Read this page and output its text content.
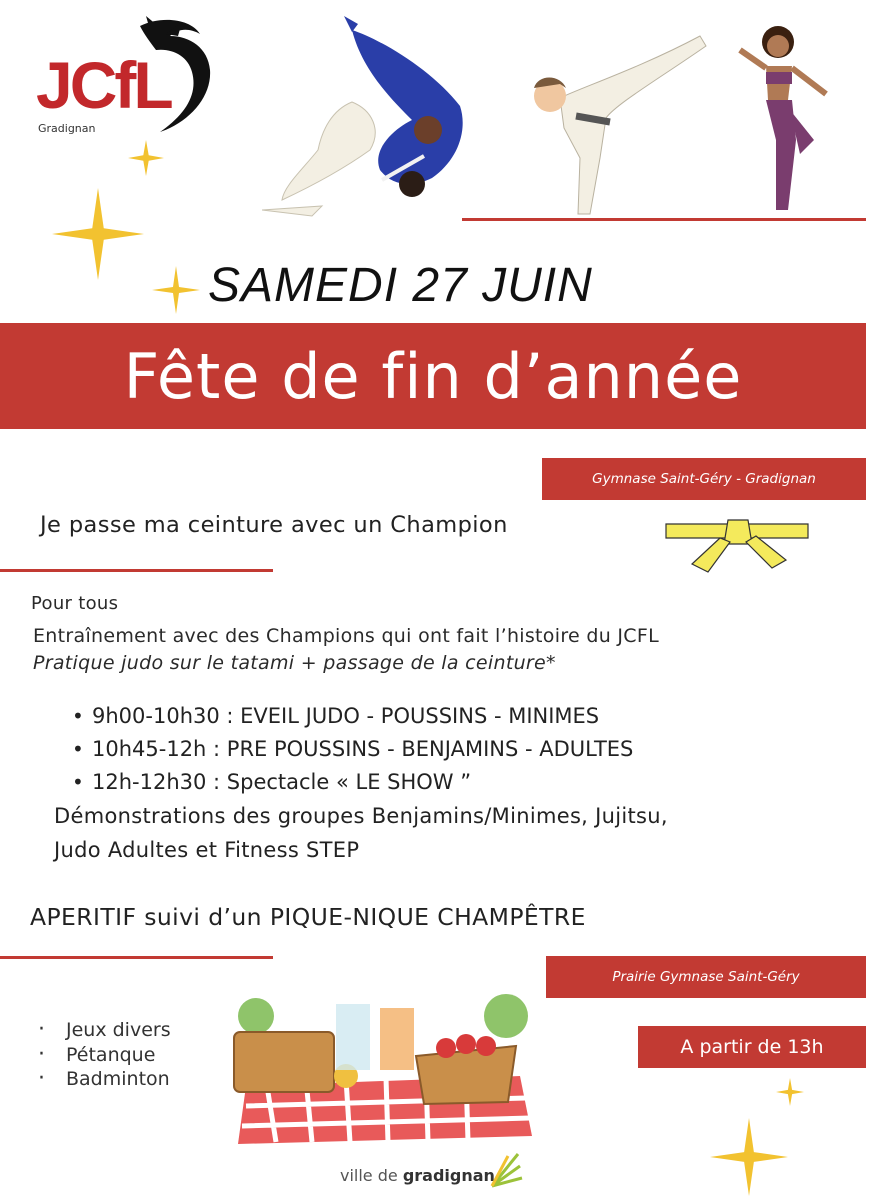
JCfL
Gradignan
SAMEDI 27 JUIN
Fête de fin d’année
Gymnase Saint-Géry - Gradignan
Je passe ma ceinture avec un Champion
Pour tous
Entraînement avec des Champions qui ont fait l’histoire du JCFL
Pratique judo sur le tatami + passage de la ceinture*
• 9h00-10h30 : EVEIL JUDO - POUSSINS - MINIMES
• 10h45-12h : PRE POUSSINS - BENJAMINS - ADULTES
• 12h-12h30 : Spectacle « LE SHOW ”
Démonstrations des groupes Benjamins/Minimes, Jujitsu,
Judo Adultes et Fitness STEP
APERITIF suivi d’un PIQUE-NIQUE CHAMPÊTRE
Prairie Gymnase Saint-Géry
· Jeux divers
· Pétanque
· Badminton
A partir de 13h
ville de gradignan
